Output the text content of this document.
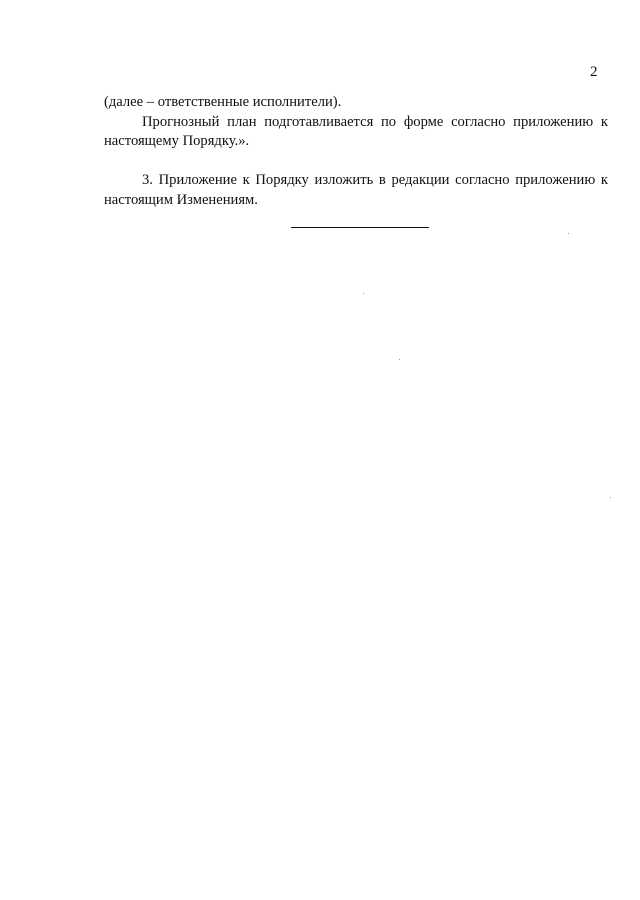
2

(далее – ответственные исполнители).

Прогнозный план подготавливается по форме согласно приложению к настоящему Порядку.».

3. Приложение к Порядку изложить в редакции согласно приложению к настоящим Изменениям.
